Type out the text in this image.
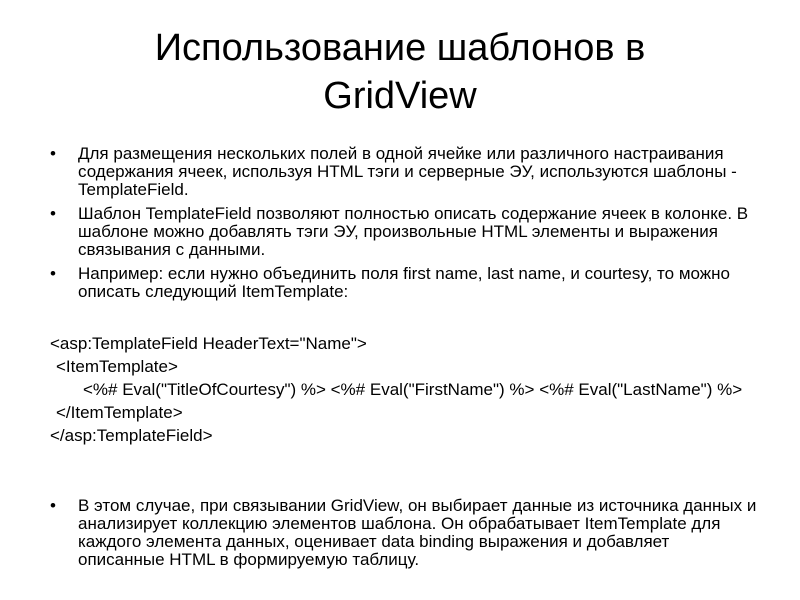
Использование шаблонов в
GridView
• Для размещения нескольких полей в одной ячейке или различного настраивания содержания ячеек, используя HTML тэги и серверные ЭУ, используются шаблоны - TemplateField.
• Шаблон TemplateField позволяют полностью описать содержание ячеек в колонке. В шаблоне можно добавлять тэги ЭУ, произвольные HTML элементы и выражения связывания с данными.
• Например: если нужно объединить поля first name, last name, и courtesy, то можно описать следующий ItemTemplate:
<asp:TemplateField HeaderText="Name">
<ItemTemplate>
<%# Eval("TitleOfCourtesy") %> <%# Eval("FirstName") %> <%# Eval("LastName") %>
</ItemTemplate>
</asp:TemplateField>
• В этом случае, при связывании GridView, он выбирает данные из источника данных и анализирует коллекцию элементов шаблона. Он обрабатывает ItemTemplate для каждого элемента данных, оценивает data binding выражения и добавляет описанные HTML в формируемую таблицу.
